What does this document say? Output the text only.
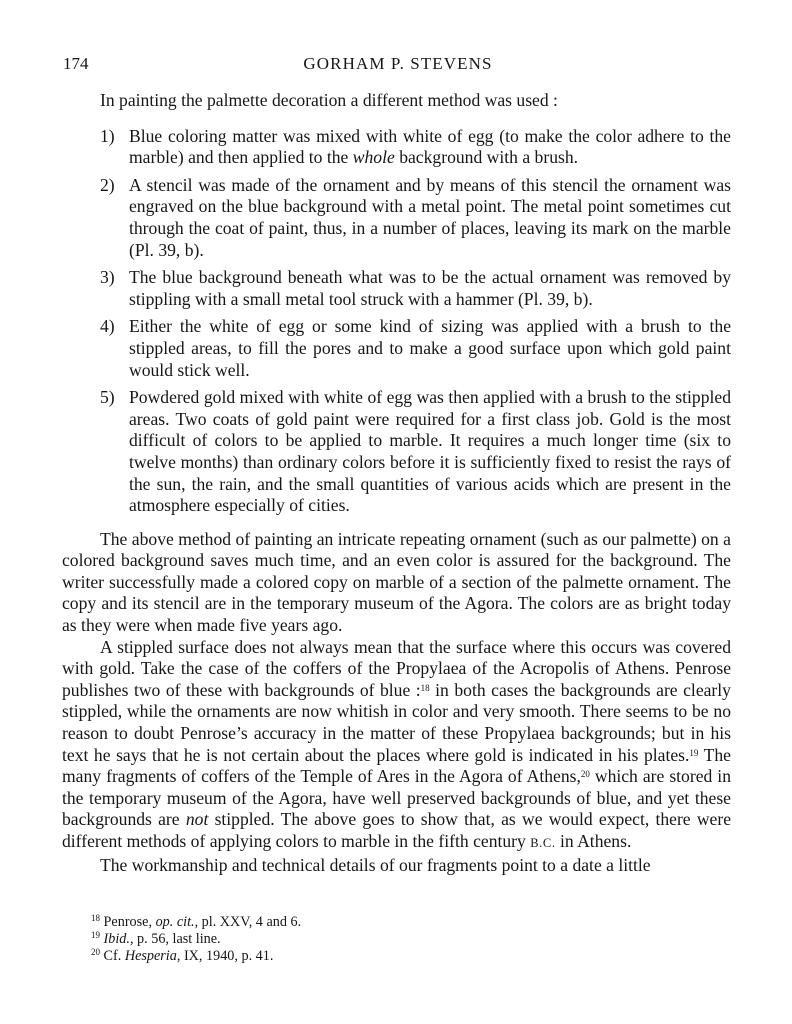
174	GORHAM P. STEVENS

In painting the palmette decoration a different method was used :

1) Blue coloring matter was mixed with white of egg (to make the color adhere to the marble) and then applied to the whole background with a brush.
2) A stencil was made of the ornament and by means of this stencil the ornament was engraved on the blue background with a metal point. The metal point sometimes cut through the coat of paint, thus, in a number of places, leaving its mark on the marble (Pl. 39, b).
3) The blue background beneath what was to be the actual ornament was removed by stippling with a small metal tool struck with a hammer (Pl. 39, b).
4) Either the white of egg or some kind of sizing was applied with a brush to the stippled areas, to fill the pores and to make a good surface upon which gold paint would stick well.
5) Powdered gold mixed with white of egg was then applied with a brush to the stippled areas. Two coats of gold paint were required for a first class job. Gold is the most difficult of colors to be applied to marble. It requires a much longer time (six to twelve months) than ordinary colors before it is sufficiently fixed to resist the rays of the sun, the rain, and the small quantities of various acids which are present in the atmosphere especially of cities.

The above method of painting an intricate repeating ornament (such as our palmette) on a colored background saves much time, and an even color is assured for the background. The writer successfully made a colored copy on marble of a section of the palmette ornament. The copy and its stencil are in the temporary museum of the Agora. The colors are as bright today as they were when made five years ago.

A stippled surface does not always mean that the surface where this occurs was covered with gold. Take the case of the coffers of the Propylaea of the Acropolis of Athens. Penrose publishes two of these with backgrounds of blue :$^{18}$ in both cases the backgrounds are clearly stippled, while the ornaments are now whitish in color and very smooth. There seems to be no reason to doubt Penrose’s accuracy in the matter of these Propylaea backgrounds; but in his text he says that he is not certain about the places where gold is indicated in his plates.$^{19}$ The many fragments of coffers of the Temple of Ares in the Agora of Athens,$^{20}$ which are stored in the temporary museum of the Agora, have well preserved backgrounds of blue, and yet these backgrounds are not stippled. The above goes to show that, as we would expect, there were different methods of applying colors to marble in the fifth century B.C. in Athens.

The workmanship and technical details of our fragments point to a date a little

$^{18}$ Penrose, op. cit., pl. XXV, 4 and 6.

$^{19}$ Ibid., p. 56, last line.

$^{20}$ Cf. Hesperia, IX, 1940, p. 41.
